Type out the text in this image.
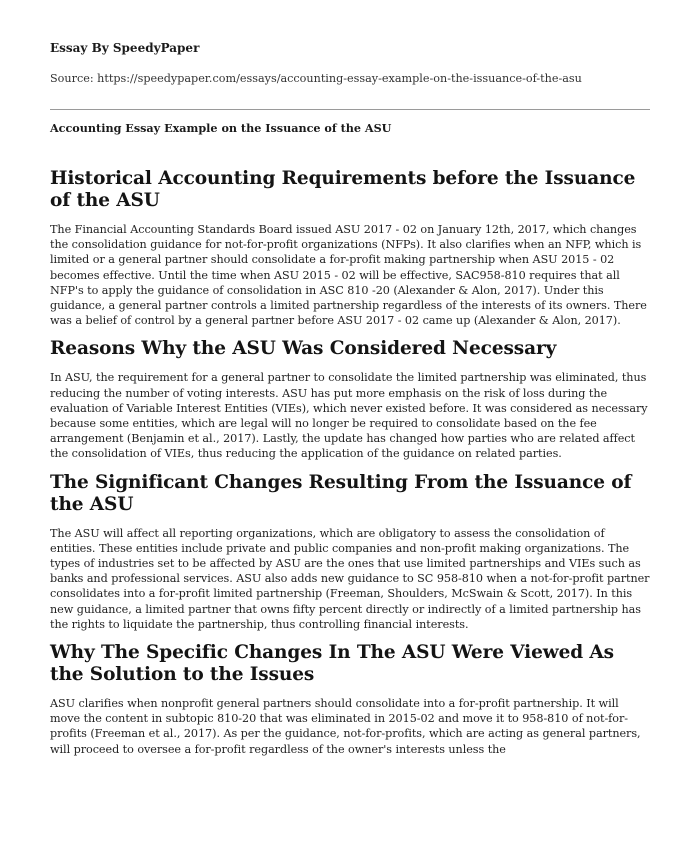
Essay By SpeedyPaper
Source: https://speedypaper.com/essays/accounting-essay-example-on-the-issuance-of-the-asu
Accounting Essay Example on the Issuance of the ASU
Historical Accounting Requirements before the Issuance of the ASU

The Financial Accounting Standards Board issued ASU 2017 - 02 on January 12th, 2017, which changes the consolidation guidance for not-for-profit organizations (NFPs). It also clarifies when an NFP, which is limited or a general partner should consolidate a for-profit making partnership when ASU 2015 - 02 becomes effective. Until the time when ASU 2015 - 02 will be effective, SAC958-810 requires that all NFP's to apply the guidance of consolidation in ASC 810 -20 (Alexander & Alon, 2017). Under this guidance, a general partner controls a limited partnership regardless of the interests of its owners. There was a belief of control by a general partner before ASU 2017 - 02 came up (Alexander & Alon, 2017).

Reasons Why the ASU Was Considered Necessary

In ASU, the requirement for a general partner to consolidate the limited partnership was eliminated, thus reducing the number of voting interests. ASU has put more emphasis on the risk of loss during the evaluation of Variable Interest Entities (VIEs), which never existed before. It was considered as necessary because some entities, which are legal will no longer be required to consolidate based on the fee arrangement (Benjamin et al., 2017). Lastly, the update has changed how parties who are related affect the consolidation of VIEs, thus reducing the application of the guidance on related parties.

The Significant Changes Resulting From the Issuance of the ASU

The ASU will affect all reporting organizations, which are obligatory to assess the consolidation of entities. These entities include private and public companies and non-profit making organizations. The types of industries set to be affected by ASU are the ones that use limited partnerships and VIEs such as banks and professional services. ASU also adds new guidance to SC 958-810 when a not-for-profit partner consolidates into a for-profit limited partnership (Freeman, Shoulders, McSwain & Scott, 2017). In this new guidance, a limited partner that owns fifty percent directly or indirectly of a limited partnership has the rights to liquidate the partnership, thus controlling financial interests.

Why The Specific Changes In The ASU Were Viewed As the Solution to the Issues

ASU clarifies when nonprofit general partners should consolidate into a for-profit partnership. It will move the content in subtopic 810-20 that was eliminated in 2015-02 and move it to 958-810 of not-for-profits (Freeman et al., 2017). As per the guidance, not-for-profits, which are acting as general partners, will proceed to oversee a for-profit regardless of the owner's interests unless the
